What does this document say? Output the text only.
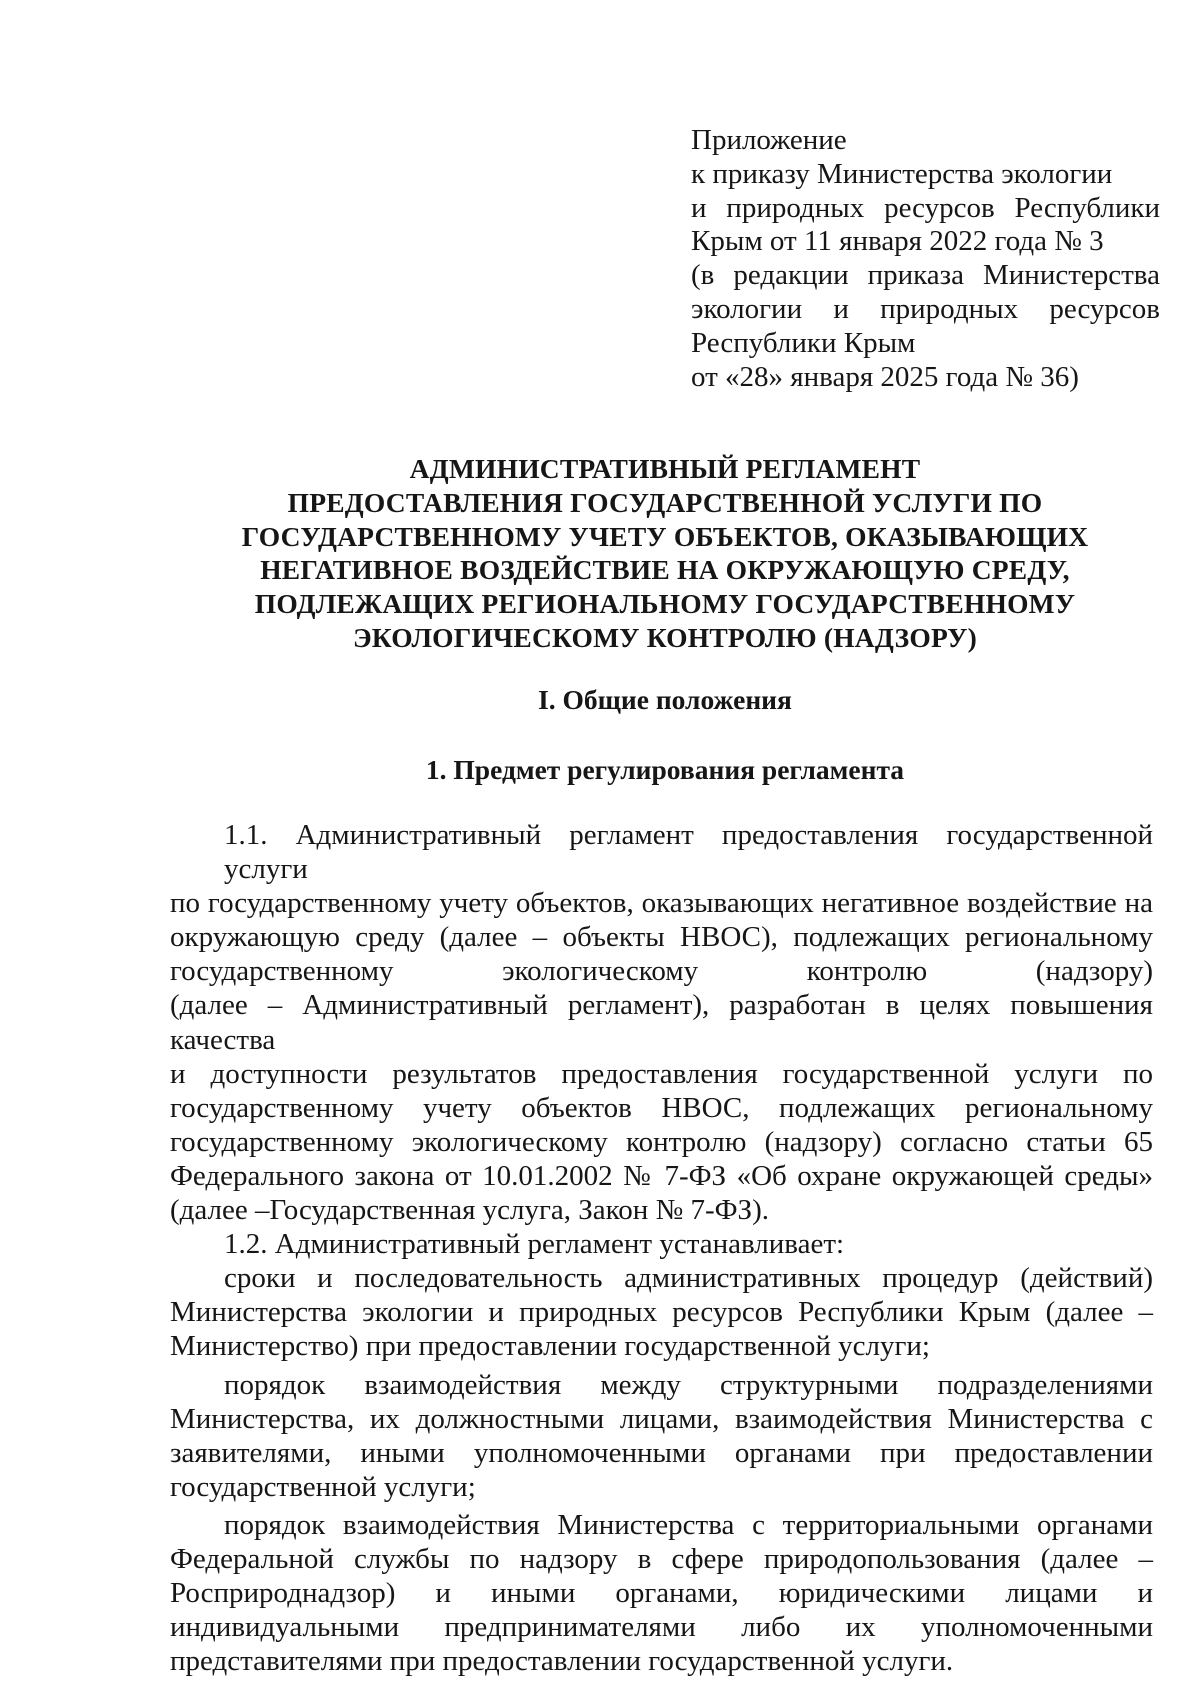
Приложение
к приказу Министерства экологии
и природных ресурсов Республики
Крым от 11 января 2022 года № 3
(в редакции приказа Министерства
экологии и природных ресурсов
Республики Крым
от «28» января 2025 года № 36)
АДМИНИСТРАТИВНЫЙ РЕГЛАМЕНТ
ПРЕДОСТАВЛЕНИЯ ГОСУДАРСТВЕННОЙ УСЛУГИ ПО
ГОСУДАРСТВЕННОМУ УЧЕТУ ОБЪЕКТОВ, ОКАЗЫВАЮЩИХ
НЕГАТИВНОЕ ВОЗДЕЙСТВИЕ НА ОКРУЖАЮЩУЮ СРЕДУ,
ПОДЛЕЖАЩИХ РЕГИОНАЛЬНОМУ ГОСУДАРСТВЕННОМУ
ЭКОЛОГИЧЕСКОМУ КОНТРОЛЮ (НАДЗОРУ)
I. Общие положения
1. Предмет регулирования регламента
1.1. Административный регламент предоставления государственной услуги
по государственному учету объектов, оказывающих негативное воздействие на
окружающую среду (далее – объекты НВОС), подлежащих региональному
государственному экологическому контролю (надзору)
(далее – Административный регламент), разработан в целях повышения качества
и доступности результатов предоставления государственной услуги по
государственному учету объектов НВОС, подлежащих региональному
государственному экологическому контролю (надзору) согласно статьи 65
Федерального закона от 10.01.2002 № 7-ФЗ «Об охране окружающей среды»
(далее –Государственная услуга, Закон № 7-ФЗ).
1.2. Административный регламент устанавливает:
сроки и последовательность административных процедур (действий)
Министерства экологии и природных ресурсов Республики Крым (далее –
Министерство) при предоставлении государственной услуги;
порядок взаимодействия между структурными подразделениями
Министерства, их должностными лицами, взаимодействия Министерства с
заявителями, иными уполномоченными органами при предоставлении
государственной услуги;
порядок взаимодействия Министерства с территориальными органами
Федеральной службы по надзору в сфере природопользования (далее –
Росприроднадзор) и иными органами, юридическими лицами и
индивидуальными предпринимателями либо их уполномоченными
представителями при предоставлении государственной услуги.
